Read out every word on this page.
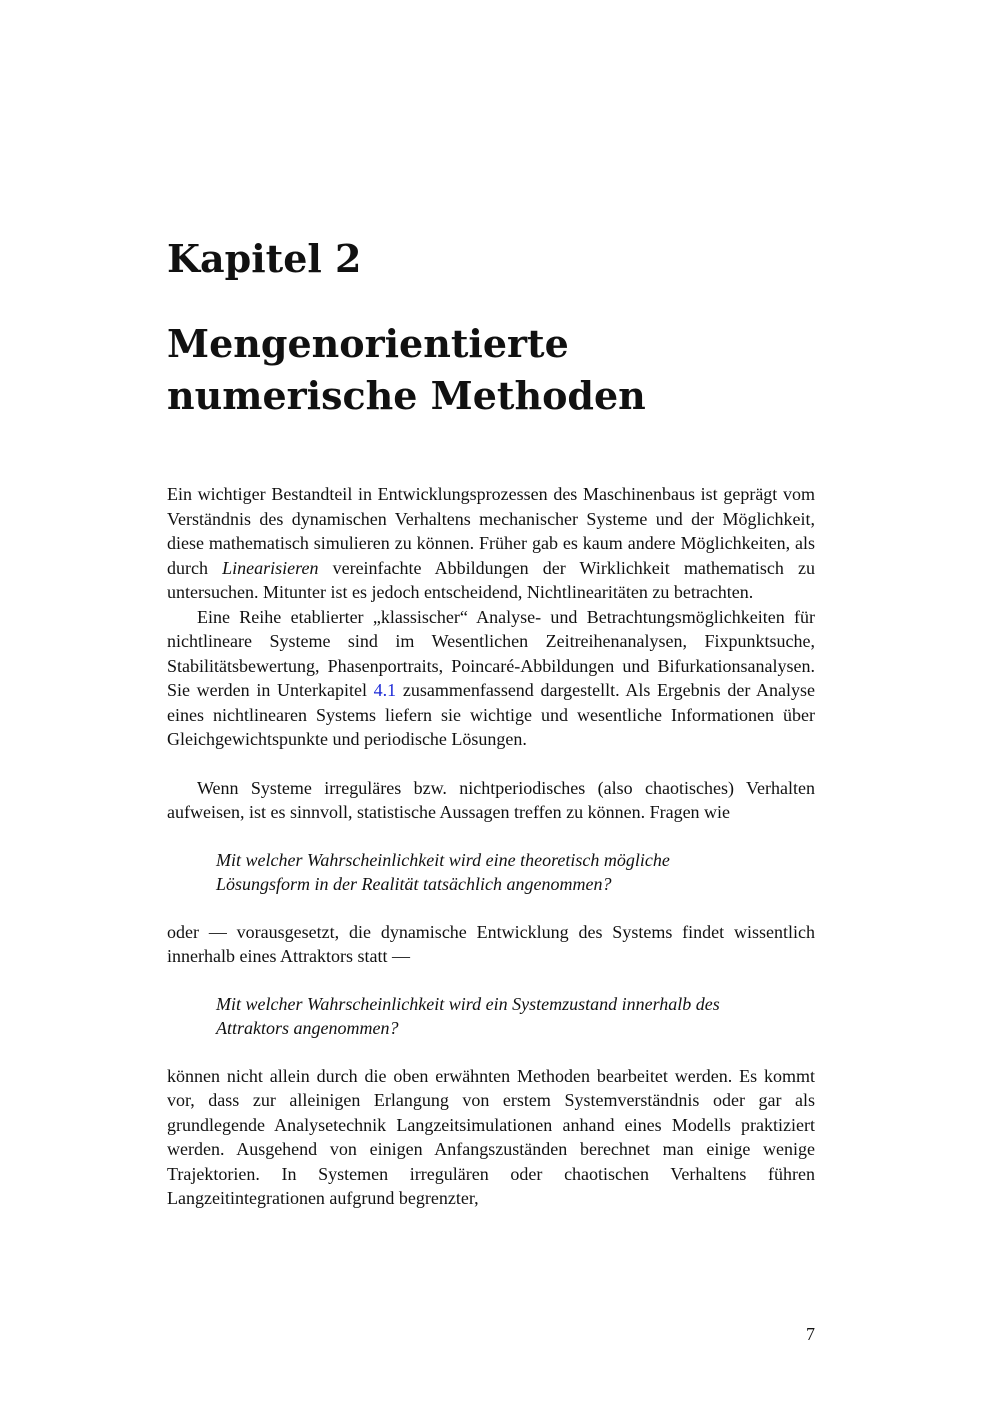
Kapitel 2
Mengenorientierte numerische Methoden

Ein wichtiger Bestandteil in Entwicklungsprozessen des Maschinenbaus ist geprägt vom Verständnis des dynamischen Verhaltens mechanischer Systeme und der Möglichkeit, diese mathematisch simulieren zu können. Früher gab es kaum andere Möglichkeiten, als durch Linearisieren vereinfachte Abbildungen der Wirklichkeit mathematisch zu untersuchen. Mitunter ist es jedoch entscheidend, Nichtlinearitäten zu betrachten.

Eine Reihe etablierter „klassischer“ Analyse- und Betrachtungsmöglichkeiten für nichtlineare Systeme sind im Wesentlichen Zeitreihenanalysen, Fixpunktsuche, Stabilitätsbewertung, Phasenportraits, Poincaré-Abbildungen und Bifurkationsanalysen. Sie werden in Unterkapitel 4.1 zusammenfassend dargestellt. Als Ergebnis der Analyse eines nichtlinearen Systems liefern sie wichtige und wesentliche Informationen über Gleichgewichtspunkte und periodische Lösungen.

Wenn Systeme irreguläres bzw. nichtperiodisches (also chaotisches) Verhalten aufweisen, ist es sinnvoll, statistische Aussagen treffen zu können. Fragen wie

Mit welcher Wahrscheinlichkeit wird eine theoretisch mögliche Lösungsform in der Realität tatsächlich angenommen?

oder — vorausgesetzt, die dynamische Entwicklung des Systems findet wissentlich innerhalb eines Attraktors statt —

Mit welcher Wahrscheinlichkeit wird ein Systemzustand innerhalb des Attraktors angenommen?

können nicht allein durch die oben erwähnten Methoden bearbeitet werden. Es kommt vor, dass zur alleinigen Erlangung von erstem Systemverständnis oder gar als grundlegende Analysetechnik Langzeitsimulationen anhand eines Modells praktiziert werden. Ausgehend von einigen Anfangszuständen berechnet man einige wenige Trajektorien. In Systemen irregulären oder chaotischen Verhaltens führen Langzeitintegrationen aufgrund begrenzter,

7
